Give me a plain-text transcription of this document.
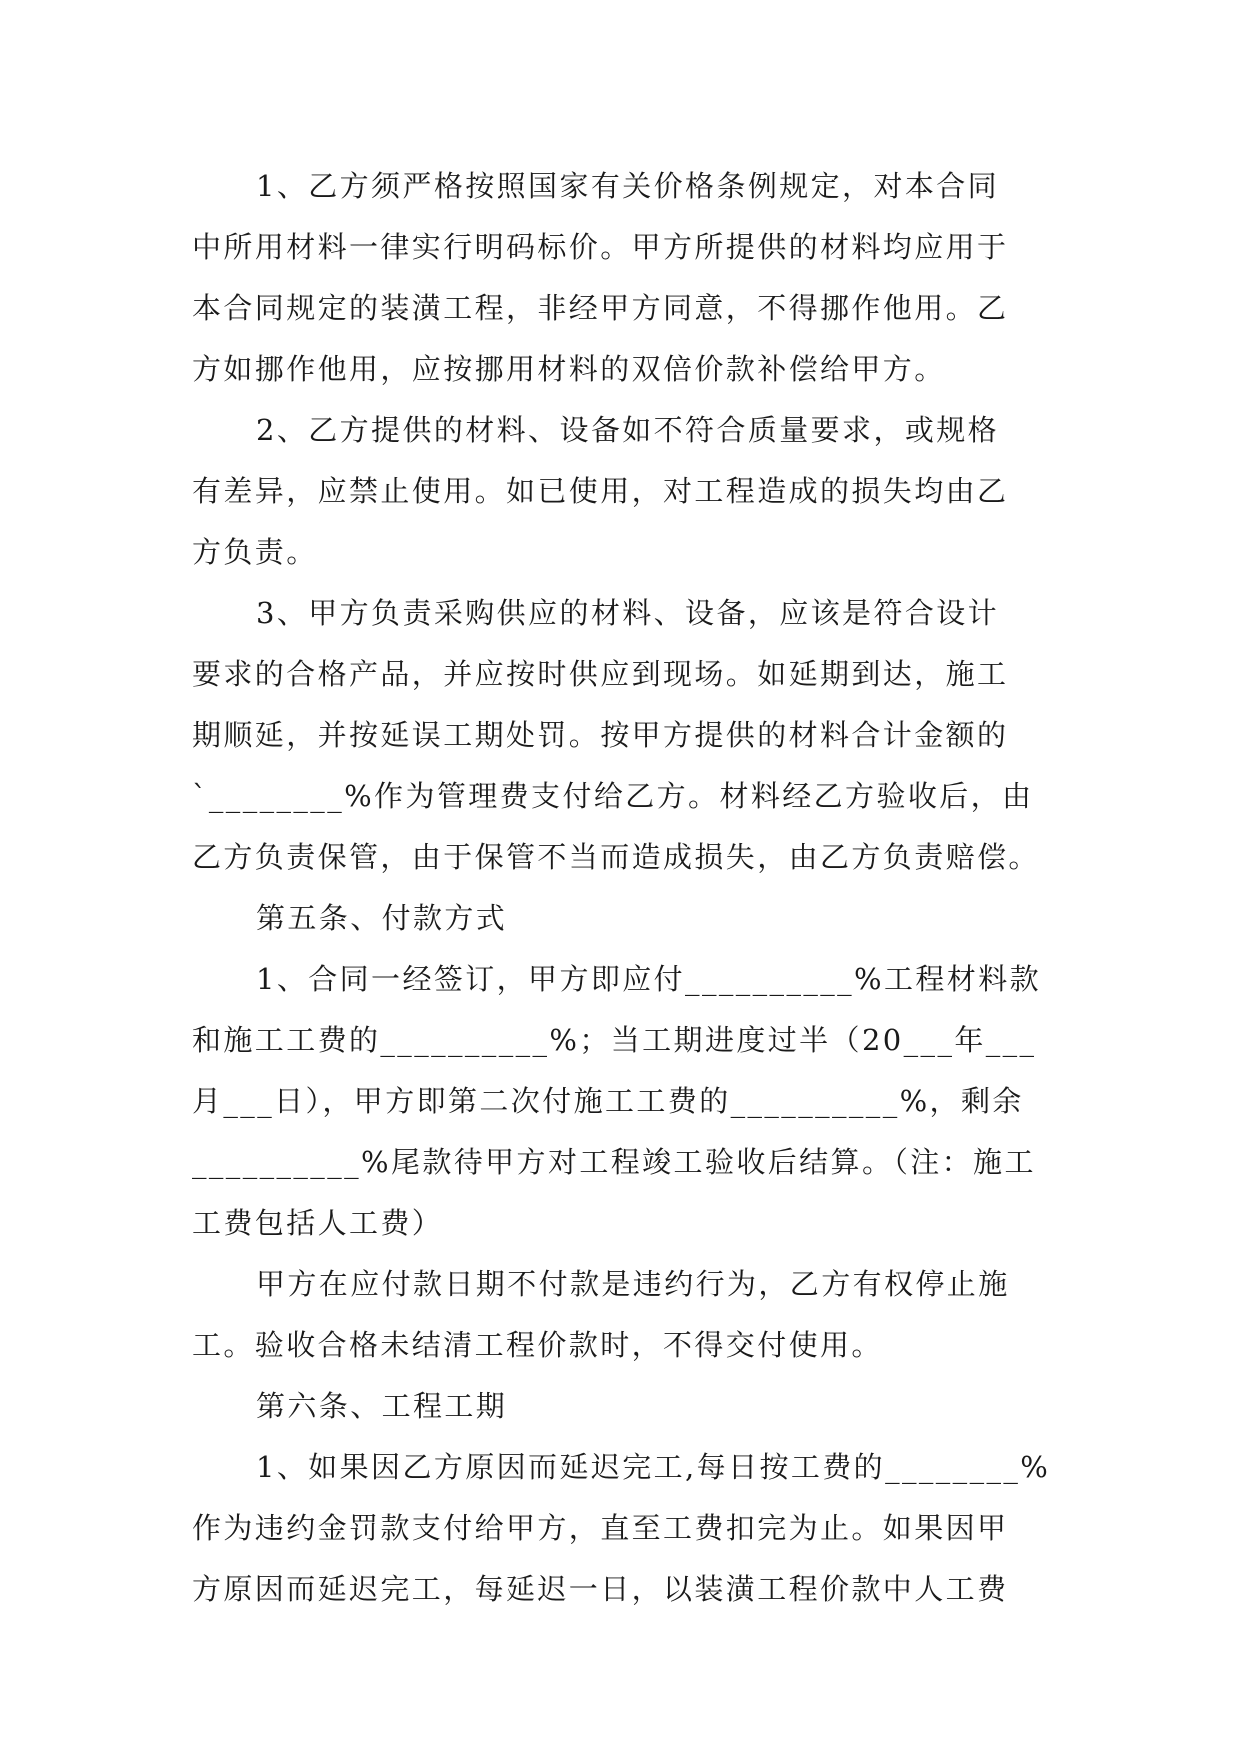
1、乙方须严格按照国家有关价格条例规定，对本合同
中所用材料一律实行明码标价。甲方所提供的材料均应用于
本合同规定的装潢工程，非经甲方同意，不得挪作他用。乙
方如挪作他用，应按挪用材料的双倍价款补偿给甲方。
2、乙方提供的材料、设备如不符合质量要求，或规格
有差异，应禁止使用。如已使用，对工程造成的损失均由乙
方负责。
3、甲方负责采购供应的材料、设备，应该是符合设计
要求的合格产品，并应按时供应到现场。如延期到达，施工
期顺延，并按延误工期处罚。按甲方提供的材料合计金额的
`________%作为管理费支付给乙方。材料经乙方验收后，由
乙方负责保管，由于保管不当而造成损失，由乙方负责赔偿。
第五条、付款方式
1、合同一经签订，甲方即应付__________%工程材料款
和施工工费的__________%；当工期进度过半（20___年___
月___日），甲方即第二次付施工工费的__________%，剩余
__________%尾款待甲方对工程竣工验收后结算。（注：施工
工费包括人工费）
甲方在应付款日期不付款是违约行为，乙方有权停止施
工。验收合格未结清工程价款时，不得交付使用。
第六条、工程工期
1、如果因乙方原因而延迟完工,每日按工费的________%
作为违约金罚款支付给甲方，直至工费扣完为止。如果因甲
方原因而延迟完工，每延迟一日，以装潢工程价款中人工费
